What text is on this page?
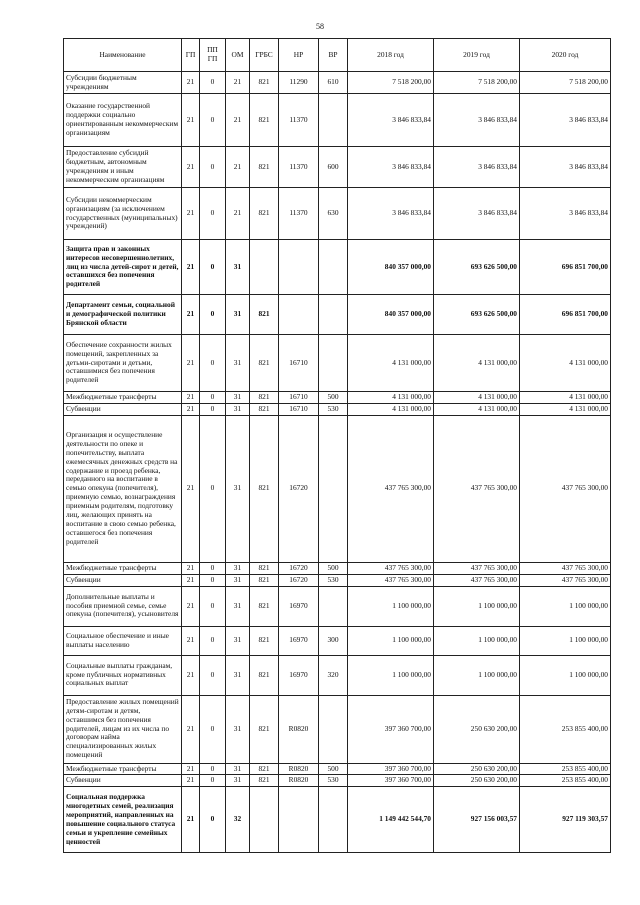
58
Наименование	ГП	ПП ГП	ОМ	ГРБС	НР	ВР	2018 год	2019 год	2020 год
Субсидии бюджетным учреждениям	21	0	21	821	11290	610	7 518 200,00	7 518 200,00	7 518 200,00
Оказание государственной поддержки социально ориентированным некоммерческим организациям	21	0	21	821	11370		3 846 833,84	3 846 833,84	3 846 833,84
Предоставление субсидий бюджетным, автономным учреждениям и иным некоммерческим организациям	21	0	21	821	11370	600	3 846 833,84	3 846 833,84	3 846 833,84
Субсидии некоммерческим организациям (за исключением государственных (муниципальных) учреждений)	21	0	21	821	11370	630	3 846 833,84	3 846 833,84	3 846 833,84
Защита прав и законных интересов несовершеннолетних, лиц из числа детей-сирот и детей, оставшихся без попечения родителей	21	0	31				840 357 000,00	693 626 500,00	696 851 700,00
Департамент семьи, социальной и демографической политики Брянской области	21	0	31	821			840 357 000,00	693 626 500,00	696 851 700,00
Обеспечение сохранности жилых помещений, закрепленных за детьми-сиротами и детьми, оставшимися без попечения родителей	21	0	31	821	16710		4 131 000,00	4 131 000,00	4 131 000,00
Межбюджетные трансферты	21	0	31	821	16710	500	4 131 000,00	4 131 000,00	4 131 000,00
Субвенции	21	0	31	821	16710	530	4 131 000,00	4 131 000,00	4 131 000,00
Организация и осуществление деятельности по опеке и попечительству, выплата ежемесячных денежных средств на содержание и проезд ребенка, переданного на воспитание в семью опекуна (попечителя), приемную семью, вознаграждения приемным родителям, подготовку лиц, желающих принять на воспитание в свою семью ребенка, оставшегося без попечения родителей	21	0	31	821	16720		437 765 300,00	437 765 300,00	437 765 300,00
Межбюджетные трансферты	21	0	31	821	16720	500	437 765 300,00	437 765 300,00	437 765 300,00
Субвенции	21	0	31	821	16720	530	437 765 300,00	437 765 300,00	437 765 300,00
Дополнительные выплаты и пособия приемной семье, семье опекуна (попечителя), усыновителя	21	0	31	821	16970		1 100 000,00	1 100 000,00	1 100 000,00
Социальное обеспечение и иные выплаты населению	21	0	31	821	16970	300	1 100 000,00	1 100 000,00	1 100 000,00
Социальные выплаты гражданам, кроме публичных нормативных социальных выплат	21	0	31	821	16970	320	1 100 000,00	1 100 000,00	1 100 000,00
Предоставление жилых помещений детям-сиротам и детям, оставшимся без попечения родителей, лицам из их числа по договорам найма специализированных жилых помещений	21	0	31	821	R0820		397 360 700,00	250 630 200,00	253 855 400,00
Межбюджетные трансферты	21	0	31	821	R0820	500	397 360 700,00	250 630 200,00	253 855 400,00
Субвенции	21	0	31	821	R0820	530	397 360 700,00	250 630 200,00	253 855 400,00
Социальная поддержка многодетных семей, реализация мероприятий, направленных на повышение социального статуса семьи и укрепление семейных ценностей	21	0	32				1 149 442 544,70	927 156 003,57	927 119 303,57
